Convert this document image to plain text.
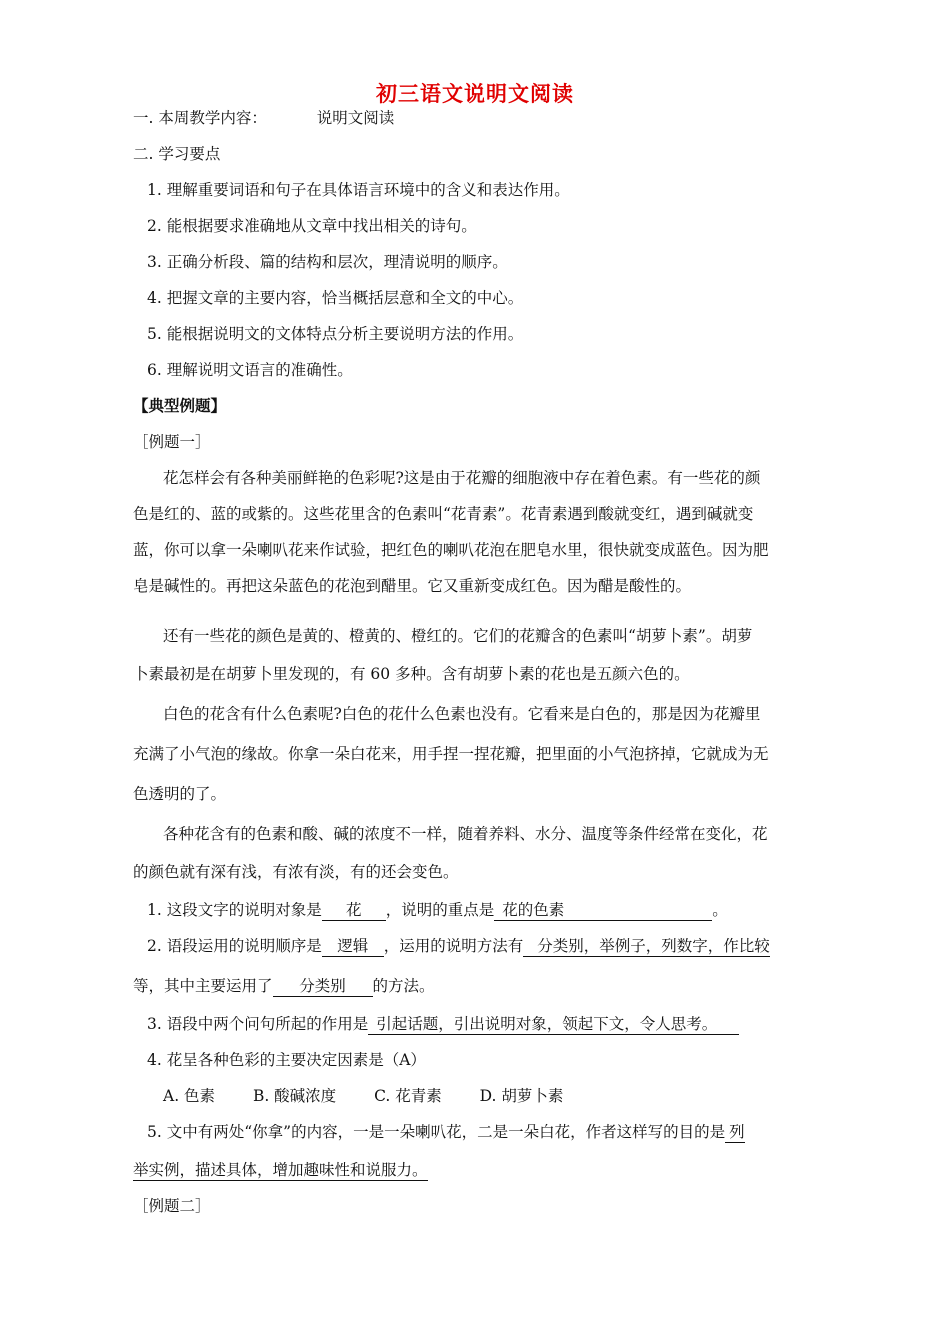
初三语文说明文阅读
一. 本周教学内容：	说明文阅读
二. 学习要点
1. 理解重要词语和句子在具体语言环境中的含义和表达作用。
2. 能根据要求准确地从文章中找出相关的诗句。
3. 正确分析段、篇的结构和层次，理清说明的顺序。
4. 把握文章的主要内容，恰当概括层意和全文的中心。
5. 能根据说明文的文体特点分析主要说明方法的作用。
6. 理解说明文语言的准确性。
【典型例题】
［例题一］
花怎样会有各种美丽鲜艳的色彩呢?这是由于花瓣的细胞液中存在着色素。有一些花的颜
色是红的、蓝的或紫的。这些花里含的色素叫“花青素”。花青素遇到酸就变红，遇到碱就变
蓝，你可以拿一朵喇叭花来作试验，把红色的喇叭花泡在肥皂水里，很快就变成蓝色。因为肥
皂是碱性的。再把这朵蓝色的花泡到醋里。它又重新变成红色。因为醋是酸性的。
还有一些花的颜色是黄的、橙黄的、橙红的。它们的花瓣含的色素叫“胡萝卜素”。胡萝
卜素最初是在胡萝卜里发现的，有 60 多种。含有胡萝卜素的花也是五颜六色的。
白色的花含有什么色素呢?白色的花什么色素也没有。它看来是白色的，那是因为花瓣里
充满了小气泡的缘故。你拿一朵白花来，用手捏一捏花瓣，把里面的小气泡挤掉，它就成为无
色透明的了。
各种花含有的色素和酸、碱的浓度不一样，随着养料、水分、温度等条件经常在变化，花
的颜色就有深有浅，有浓有淡，有的还会变色。
1. 这段文字的说明对象是 花 ，说明的重点是 花的色素	。
2. 语段运用的说明顺序是 逻辑 ，运用的说明方法有 分类别，举例子，列数字，作比较
等，其中主要运用了 分类别 的方法。
3. 语段中两个问句所起的作用是 引起话题，引出说明对象，领起下文，令人思考。
4. 花呈各种色彩的主要决定因素是（A）
A. 色素 B. 酸碱浓度 C. 花青素 D. 胡萝卜素
5. 文中有两处“你拿”的内容，一是一朵喇叭花，二是一朵白花，作者这样写的目的是 列
举实例，描述具体，增加趣味性和说服力。
［例题二］
